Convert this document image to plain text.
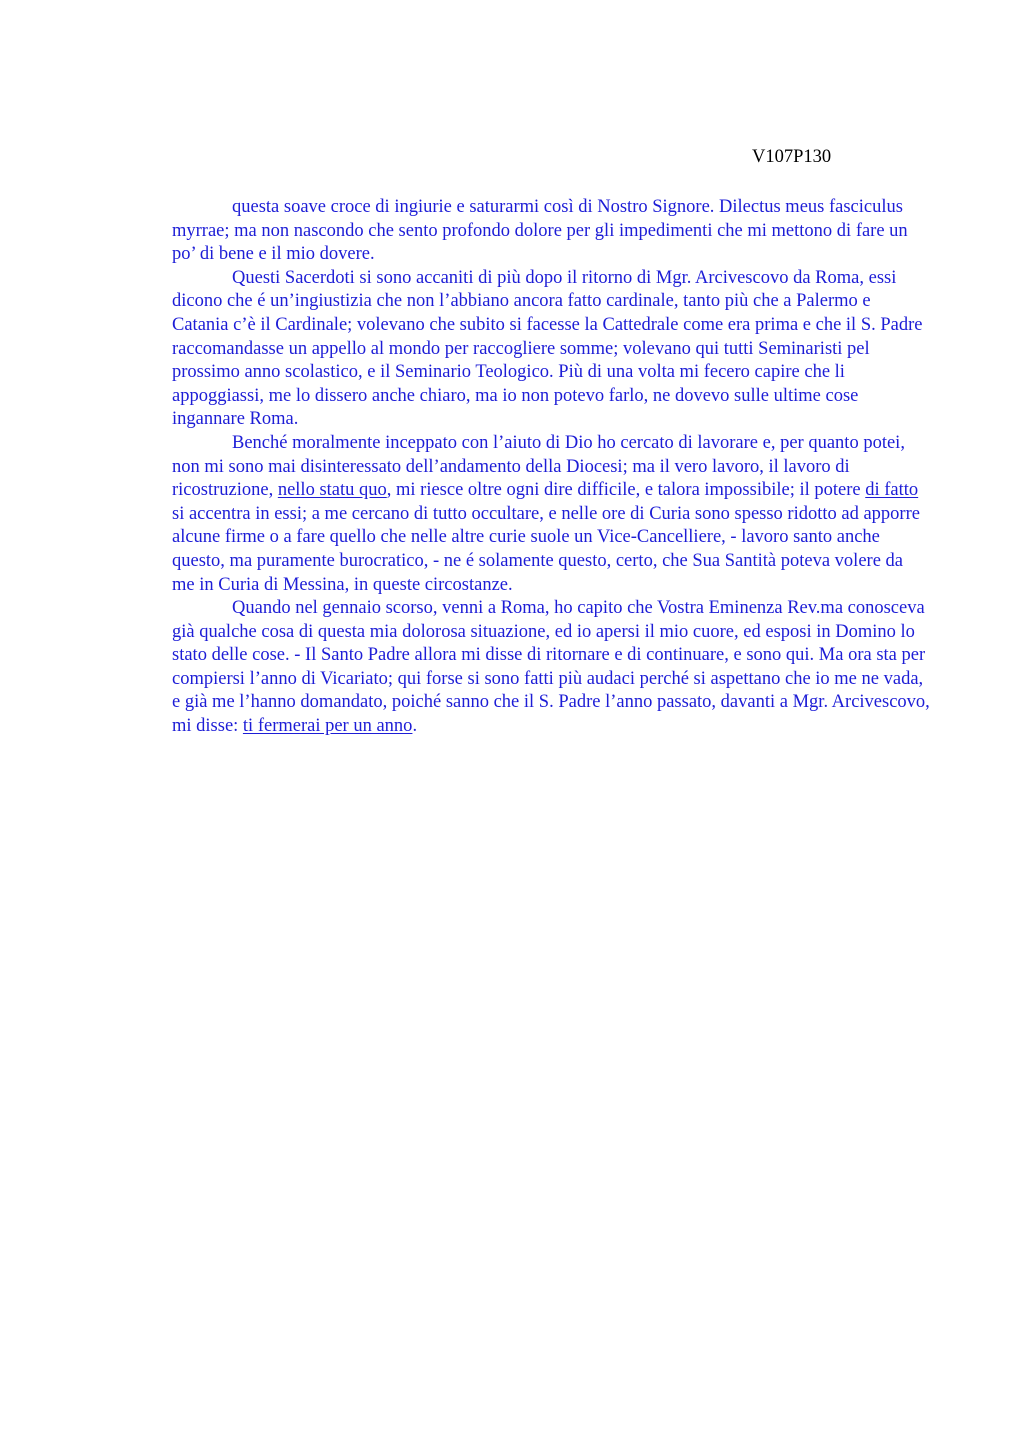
V107P130

questa soave croce di ingiurie e saturarmi così di Nostro Signore. Dilectus meus fasciculus myrrae; ma non nascondo che sento profondo dolore per gli impedimenti che mi mettono di fare un po’ di bene e il mio dovere.

Questi Sacerdoti si sono accaniti di più dopo il ritorno di Mgr. Arcivescovo da Roma, essi dicono che é un’ingiustizia che non l’abbiano ancora fatto cardinale, tanto più che a Palermo e Catania c’è il Cardinale; volevano che subito si facesse la Cattedrale come era prima e che il S. Padre raccomandasse un appello al mondo per raccogliere somme; volevano qui tutti Seminaristi pel prossimo anno scolastico, e il Seminario Teologico. Più di una volta mi fecero capire che li appoggiassi, me lo dissero anche chiaro, ma io non potevo farlo, ne dovevo sulle ultime cose ingannare Roma.

Benché moralmente inceppato con l’aiuto di Dio ho cercato di lavorare e, per quanto potei, non mi sono mai disinteressato dell’andamento della Diocesi; ma il vero lavoro, il lavoro di ricostruzione, nello statu quo, mi riesce oltre ogni dire difficile, e talora impossibile; il potere di fatto si accentra in essi; a me cercano di tutto occultare, e nelle ore di Curia sono spesso ridotto ad apporre alcune firme o a fare quello che nelle altre curie suole un Vice-Cancelliere, - lavoro santo anche questo, ma puramente burocratico, - ne é solamente questo, certo, che Sua Santità poteva volere da me in Curia di Messina, in queste circostanze.

Quando nel gennaio scorso, venni a Roma, ho capito che Vostra Eminenza Rev.ma conosceva già qualche cosa di questa mia dolorosa situazione, ed io apersi il mio cuore, ed esposi in Domino lo stato delle cose. - Il Santo Padre allora mi disse di ritornare e di continuare, e sono qui. Ma ora sta per compiersi l’anno di Vicariato; qui forse si sono fatti più audaci perché si aspettano che io me ne vada, e già me l’hanno domandato, poiché sanno che il S. Padre l’anno passato, davanti a Mgr. Arcivescovo, mi disse: ti fermerai per un anno.
